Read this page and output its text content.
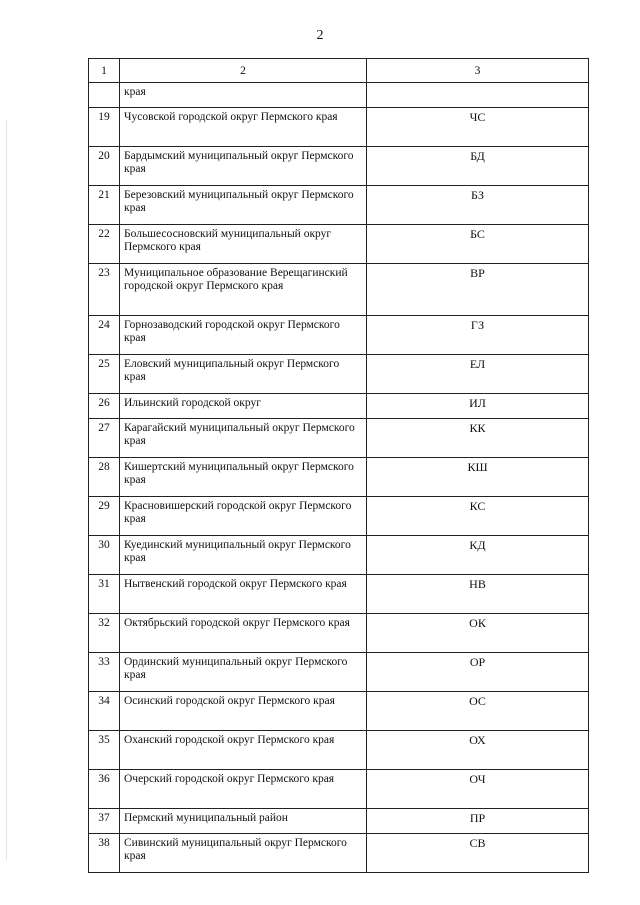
2
1	2	3
	края	
19	Чусовской городской округ Пермского края	ЧС
20	Бардымский муниципальный округ Пермского края	БД
21	Березовский муниципальный округ Пермского края	БЗ
22	Большесосновский муниципальный округ Пермского края	БС
23	Муниципальное образование Верещагинский городской округ Пермского края	ВР
24	Горнозаводский городской округ Пермского края	ГЗ
25	Еловский муниципальный округ Пермского края	ЕЛ
26	Ильинский городской округ	ИЛ
27	Карагайский муниципальный округ Пермского края	КК
28	Кишертский муниципальный округ Пермского края	КШ
29	Красновишерский городской округ Пермского края	КС
30	Куединский муниципальный округ Пермского края	КД
31	Нытвенский городской округ Пермского края	НВ
32	Октябрьский городской округ Пермского края	ОК
33	Ординский муниципальный округ Пермского края	ОР
34	Осинский городской округ Пермского края	ОС
35	Оханский городской округ Пермского края	ОХ
36	Очерский городской округ Пермского края	ОЧ
37	Пермский муниципальный район	ПР
38	Сивинский муниципальный округ Пермского края	СВ
